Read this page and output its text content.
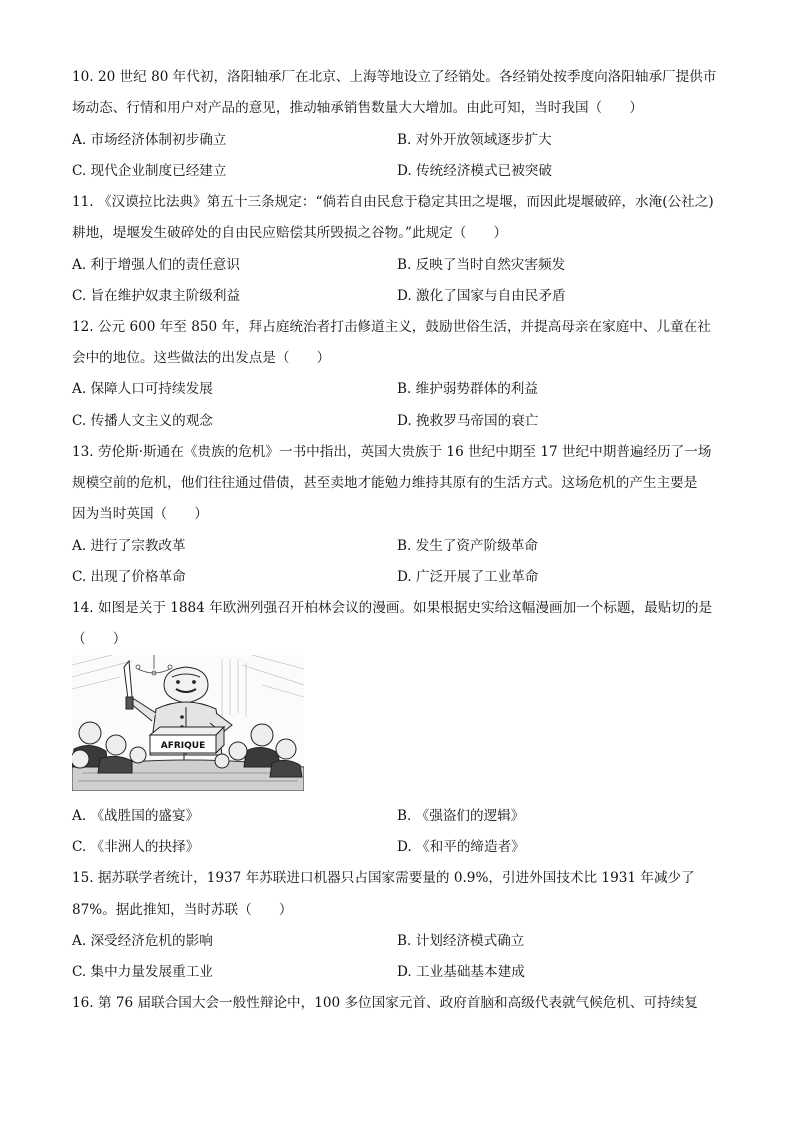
10. 20 世纪 80 年代初，洛阳轴承厂在北京、上海等地设立了经销处。各经销处按季度向洛阳轴承厂提供市
场动态、行情和用户对产品的意见，推动轴承销售数量大大增加。由此可知，当时我国（　　）
A. 市场经济体制初步确立	B. 对外开放领域逐步扩大
C. 现代企业制度已经建立	D. 传统经济模式已被突破
11. 《汉谟拉比法典》第五十三条规定：“倘若自由民怠于稳定其田之堤堰，而因此堤堰破碎，水淹(公社之)
耕地，堤堰发生破碎处的自由民应赔偿其所毁损之谷物。”此规定（　　）
A. 利于增强人们的责任意识	B. 反映了当时自然灾害频发
C. 旨在维护奴隶主阶级利益	D. 激化了国家与自由民矛盾
12. 公元 600 年至 850 年，拜占庭统治者打击修道主义，鼓励世俗生活，并提高母亲在家庭中、儿童在社
会中的地位。这些做法的出发点是（　　）
A. 保障人口可持续发展	B. 维护弱势群体的利益
C. 传播人文主义的观念	D. 挽救罗马帝国的衰亡
13. 劳伦斯·斯通在《贵族的危机》一书中指出，英国大贵族于 16 世纪中期至 17 世纪中期普遍经历了一场
规模空前的危机，他们往往通过借债，甚至卖地才能勉力维持其原有的生活方式。这场危机的产生主要是
因为当时英国（　　）
A. 进行了宗教改革	B. 发生了资产阶级革命
C. 出现了价格革命	D. 广泛开展了工业革命
14. 如图是关于 1884 年欧洲列强召开柏林会议的漫画。如果根据史实给这幅漫画加一个标题，最贴切的是
（　　）
AFRIQUE
A. 《战胜国的盛宴》	B. 《强盗们的逻辑》
C. 《非洲人的抉择》	D. 《和平的缔造者》
15. 据苏联学者统计，1937 年苏联进口机器只占国家需要量的 0.9%，引进外国技术比 1931 年减少了
87%。据此推知，当时苏联（　　）
A. 深受经济危机的影响	B. 计划经济模式确立
C. 集中力量发展重工业	D. 工业基础基本建成
16. 第 76 届联合国大会一般性辩论中，100 多位国家元首、政府首脑和高级代表就气候危机、可持续复
